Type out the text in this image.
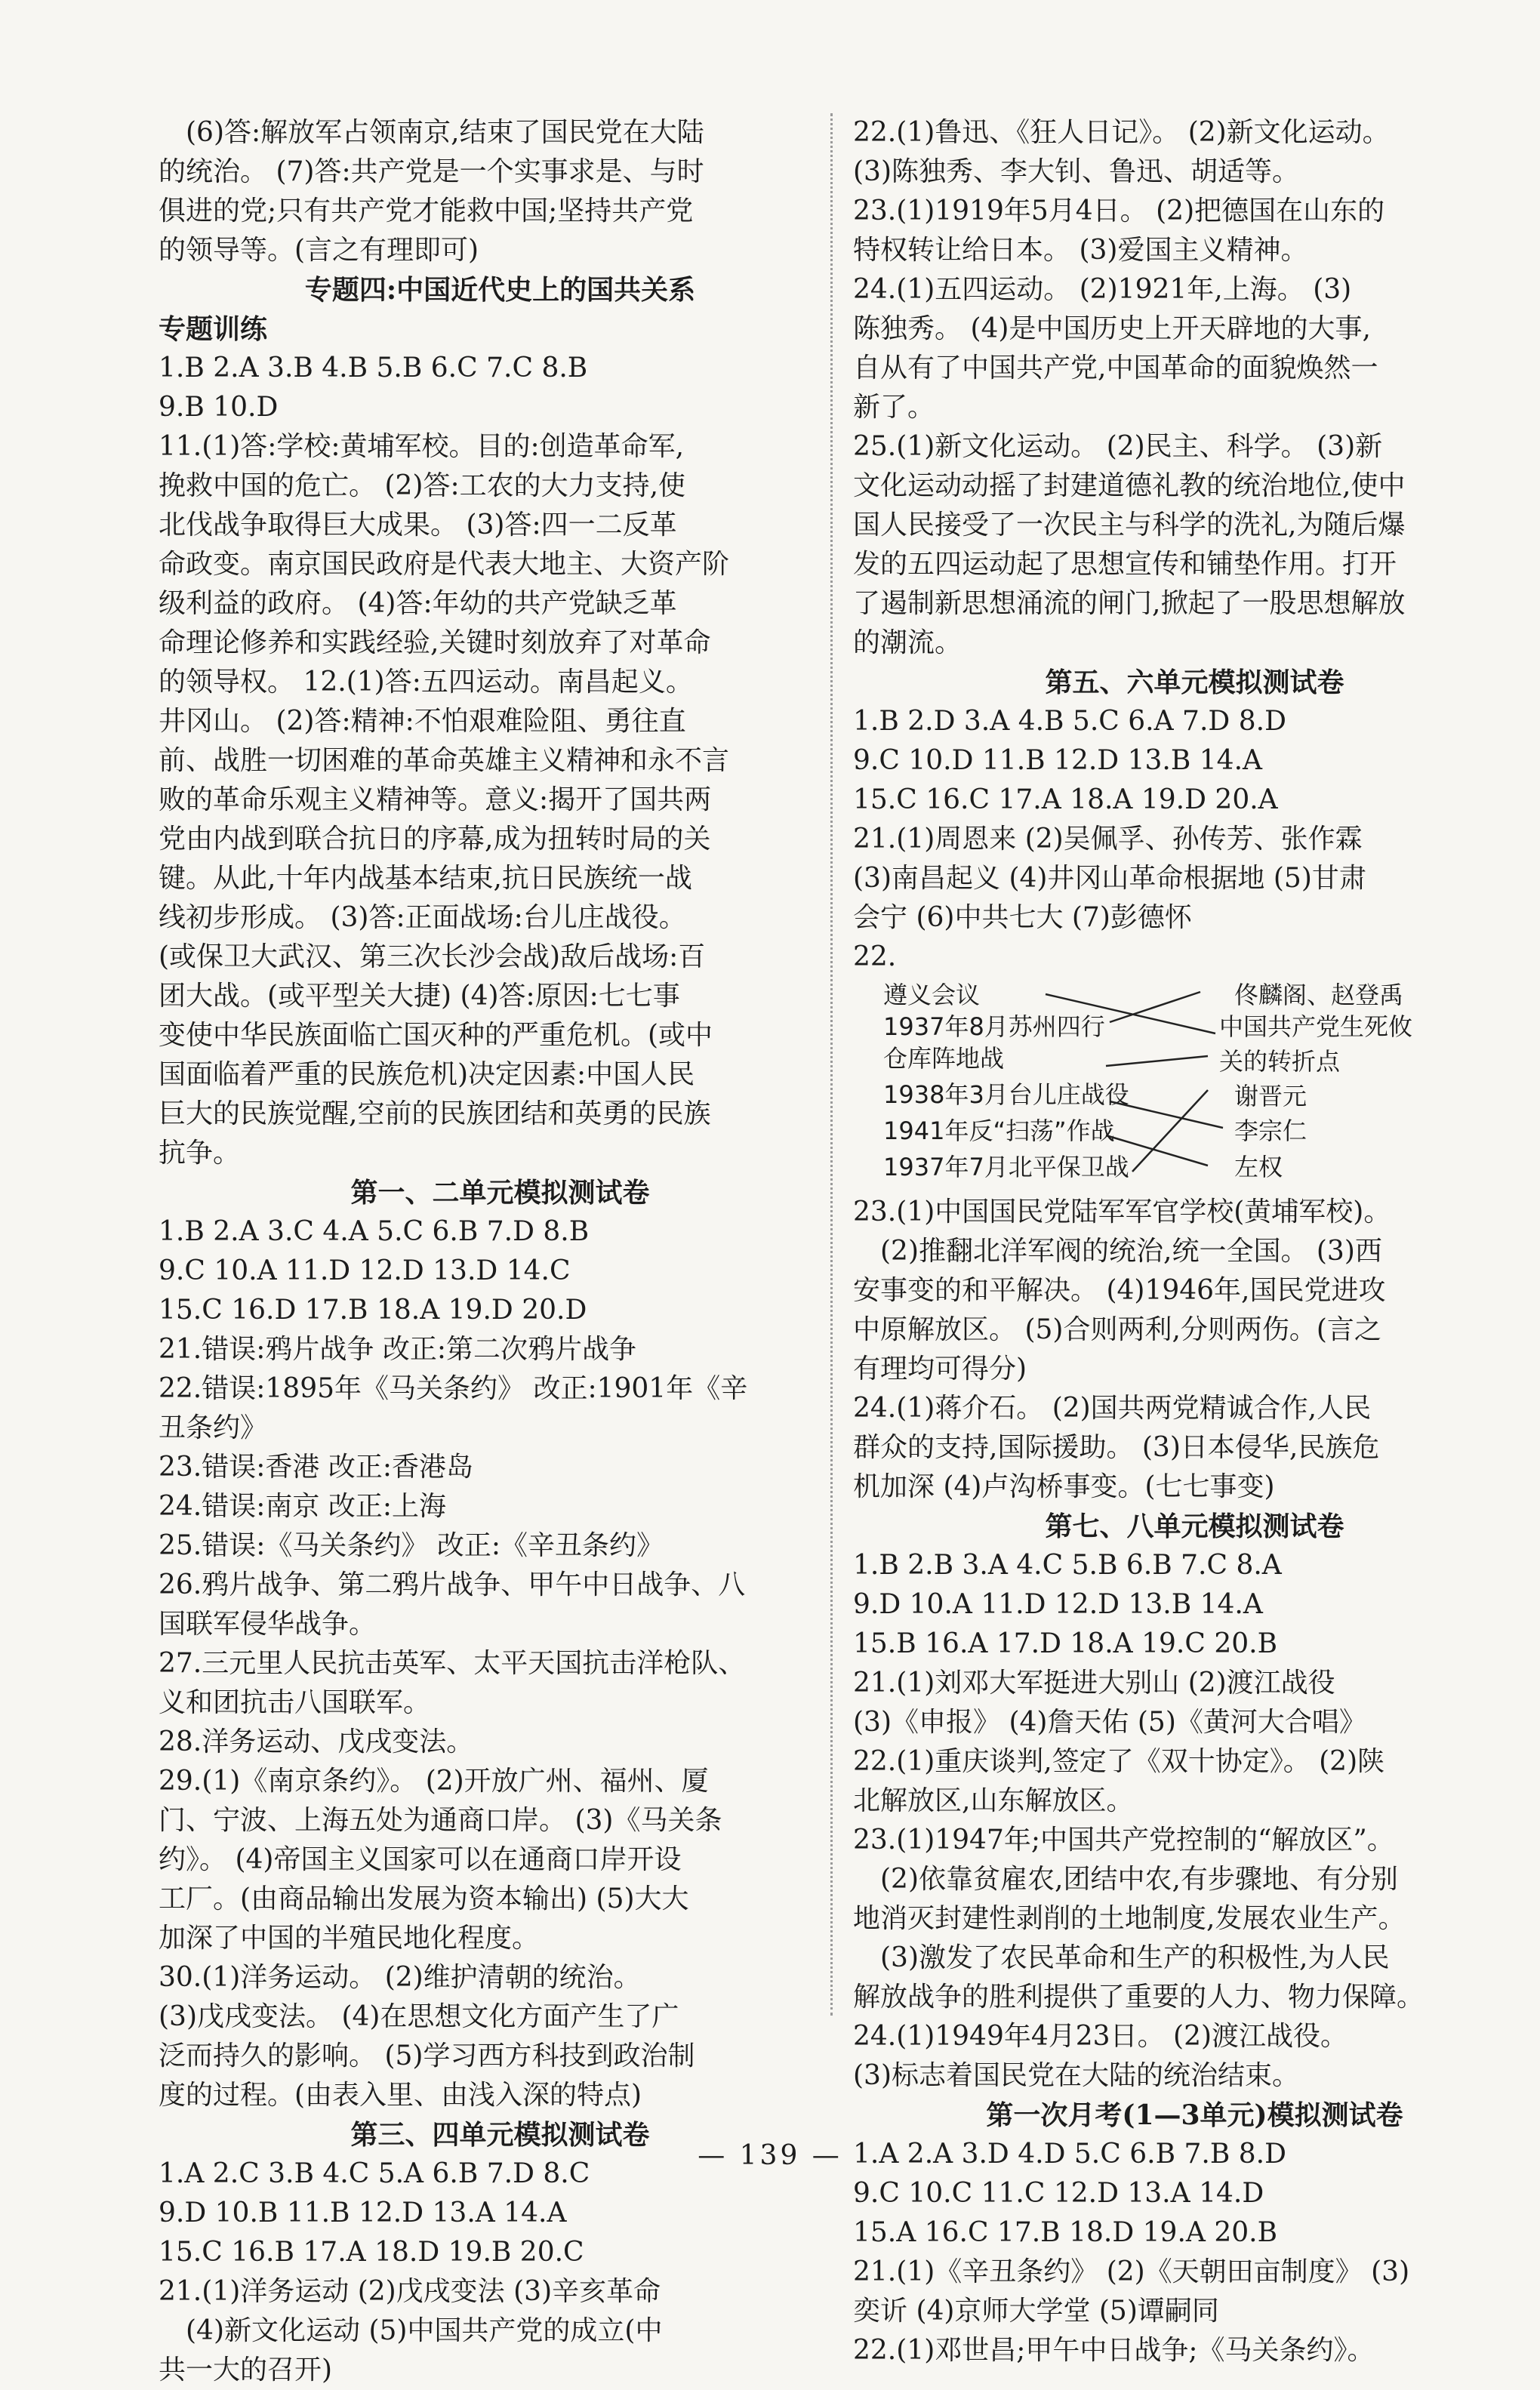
(6)答:解放军占领南京,结束了国民党在大陆
的统治。 (7)答:共产党是一个实事求是、与时
俱进的党;只有共产党才能救中国;坚持共产党
的领导等。(言之有理即可)
专题四:中国近代史上的国共关系
专题训练
1.B 2.A 3.B 4.B 5.B 6.C 7.C 8.B
9.B 10.D
11.(1)答:学校:黄埔军校。目的:创造革命军,
挽救中国的危亡。 (2)答:工农的大力支持,使
北伐战争取得巨大成果。 (3)答:四一二反革
命政变。南京国民政府是代表大地主、大资产阶
级利益的政府。 (4)答:年幼的共产党缺乏革
命理论修养和实践经验,关键时刻放弃了对革命
的领导权。 12.(1)答:五四运动。南昌起义。
井冈山。 (2)答:精神:不怕艰难险阻、勇往直
前、战胜一切困难的革命英雄主义精神和永不言
败的革命乐观主义精神等。意义:揭开了国共两
党由内战到联合抗日的序幕,成为扭转时局的关
键。从此,十年内战基本结束,抗日民族统一战
线初步形成。 (3)答:正面战场:台儿庄战役。
(或保卫大武汉、第三次长沙会战)敌后战场:百
团大战。(或平型关大捷) (4)答:原因:七七事
变使中华民族面临亡国灭种的严重危机。(或中
国面临着严重的民族危机)决定因素:中国人民
巨大的民族觉醒,空前的民族团结和英勇的民族
抗争。
第一、二单元模拟测试卷
1.B 2.A 3.C 4.A 5.C 6.B 7.D 8.B
9.C 10.A 11.D 12.D 13.D 14.C
15.C 16.D 17.B 18.A 19.D 20.D
21.错误:鸦片战争 改正:第二次鸦片战争
22.错误:1895年《马关条约》 改正:1901年《辛
丑条约》
23.错误:香港 改正:香港岛
24.错误:南京 改正:上海
25.错误:《马关条约》 改正:《辛丑条约》
26.鸦片战争、第二鸦片战争、甲午中日战争、八
国联军侵华战争。
27.三元里人民抗击英军、太平天国抗击洋枪队、
义和团抗击八国联军。
28.洋务运动、戊戌变法。
29.(1)《南京条约》。 (2)开放广州、福州、厦
门、宁波、上海五处为通商口岸。 (3)《马关条
约》。 (4)帝国主义国家可以在通商口岸开设
工厂。(由商品输出发展为资本输出) (5)大大
加深了中国的半殖民地化程度。
30.(1)洋务运动。 (2)维护清朝的统治。
(3)戊戌变法。 (4)在思想文化方面产生了广
泛而持久的影响。 (5)学习西方科技到政治制
度的过程。(由表入里、由浅入深的特点)
第三、四单元模拟测试卷
1.A 2.C 3.B 4.C 5.A 6.B 7.D 8.C
9.D 10.B 11.B 12.D 13.A 14.A
15.C 16.B 17.A 18.D 19.B 20.C
21.(1)洋务运动 (2)戊戌变法 (3)辛亥革命
(4)新文化运动 (5)中国共产党的成立(中
共一大的召开)
22.(1)鲁迅、《狂人日记》。 (2)新文化运动。
(3)陈独秀、李大钊、鲁迅、胡适等。
23.(1)1919年5月4日。 (2)把德国在山东的
特权转让给日本。 (3)爱国主义精神。
24.(1)五四运动。 (2)1921年,上海。 (3)
陈独秀。 (4)是中国历史上开天辟地的大事,
自从有了中国共产党,中国革命的面貌焕然一
新了。
25.(1)新文化运动。 (2)民主、科学。 (3)新
文化运动动摇了封建道德礼教的统治地位,使中
国人民接受了一次民主与科学的洗礼,为随后爆
发的五四运动起了思想宣传和铺垫作用。打开
了遏制新思想涌流的闸门,掀起了一股思想解放
的潮流。
第五、六单元模拟测试卷
1.B 2.D 3.A 4.B 5.C 6.A 7.D 8.D
9.C 10.D 11.B 12.D 13.B 14.A
15.C 16.C 17.A 18.A 19.D 20.A
21.(1)周恩来 (2)吴佩孚、孙传芳、张作霖
(3)南昌起义 (4)井冈山革命根据地 (5)甘肃
会宁 (6)中共七大 (7)彭德怀
22.
遵义会议
1937年8月苏州四行
仓库阵地战
1938年3月台儿庄战役
1941年反“扫荡”作战
1937年7月北平保卫战
佟麟阁、赵登禹
中国共产党生死攸
关的转折点
谢晋元
李宗仁
左权
23.(1)中国国民党陆军军官学校(黄埔军校)。
(2)推翻北洋军阀的统治,统一全国。 (3)西
安事变的和平解决。 (4)1946年,国民党进攻
中原解放区。 (5)合则两利,分则两伤。(言之
有理均可得分)
24.(1)蒋介石。 (2)国共两党精诚合作,人民
群众的支持,国际援助。 (3)日本侵华,民族危
机加深 (4)卢沟桥事变。(七七事变)
第七、八单元模拟测试卷
1.B 2.B 3.A 4.C 5.B 6.B 7.C 8.A
9.D 10.A 11.D 12.D 13.B 14.A
15.B 16.A 17.D 18.A 19.C 20.B
21.(1)刘邓大军挺进大别山 (2)渡江战役
(3)《申报》 (4)詹天佑 (5)《黄河大合唱》
22.(1)重庆谈判,签定了《双十协定》。 (2)陕
北解放区,山东解放区。
23.(1)1947年;中国共产党控制的“解放区”。
(2)依靠贫雇农,团结中农,有步骤地、有分别
地消灭封建性剥削的土地制度,发展农业生产。
(3)激发了农民革命和生产的积极性,为人民
解放战争的胜利提供了重要的人力、物力保障。
24.(1)1949年4月23日。 (2)渡江战役。
(3)标志着国民党在大陆的统治结束。
第一次月考(1—3单元)模拟测试卷
1.A 2.A 3.D 4.D 5.C 6.B 7.B 8.D
9.C 10.C 11.C 12.D 13.A 14.D
15.A 16.C 17.B 18.D 19.A 20.B
21.(1)《辛丑条约》 (2)《天朝田亩制度》 (3)
奕䜣 (4)京师大学堂 (5)谭嗣同
22.(1)邓世昌;甲午中日战争;《马关条约》。
— 139 —
